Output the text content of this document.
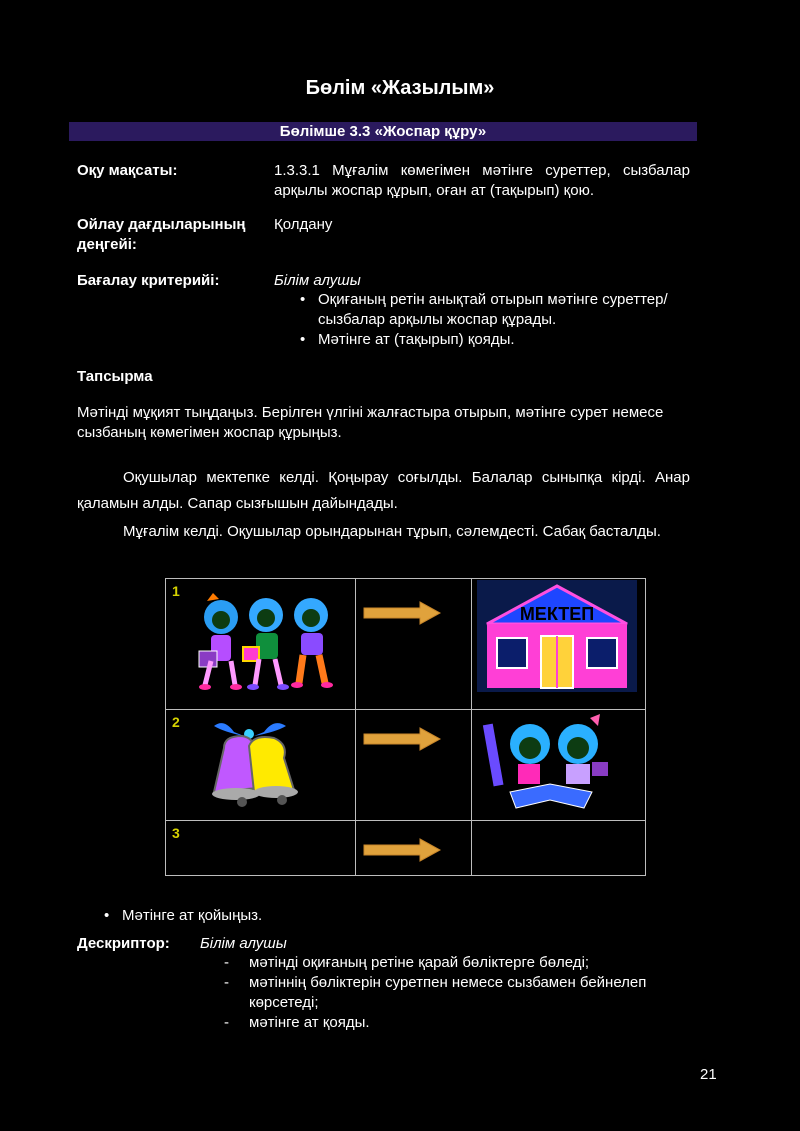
Бөлім «Жазылым»
Бөлімше 3.3 «Жоспар құру»
Оқу мақсаты:	1.3.3.1 Мұғалім көмегімен мәтінге суреттер, сызбалар арқылы жоспар құрып, оған ат (тақырып) қою.
Ойлау дағдыларының деңгейі:
Қолдану
Бағалау критерийі:	Білім алушы
• Оқиғаның ретін анықтай отырып мәтінге суреттер/сызбалар арқылы жоспар құрады.
• Мәтінге ат (тақырып) қояды.
Тапсырма
Мәтінді мұқият тыңдаңыз. Берілген үлгіні жалғастыра отырып, мәтінге сурет немесе сызбаның көмегімен жоспар құрыңыз.
Оқушылар мектепке келді. Қоңырау соғылды. Балалар сыныпқа кірді. Анар қаламын алды. Сапар сызғышын дайындады.
Мұғалім келді. Оқушылар орындарынан тұрып, сәлемдесті. Сабақ басталды.
1		МЕКТЕП

2

3

• Мәтінге ат қойыңыз.
Дескриптор: Білім алушы
- мәтінді оқиғаның ретіне қарай бөліктерге бөледі;
- мәтіннің бөліктерін суретпен немесе сызбамен бейнелеп көрсетеді;
- мәтінге ат қояды.
21
